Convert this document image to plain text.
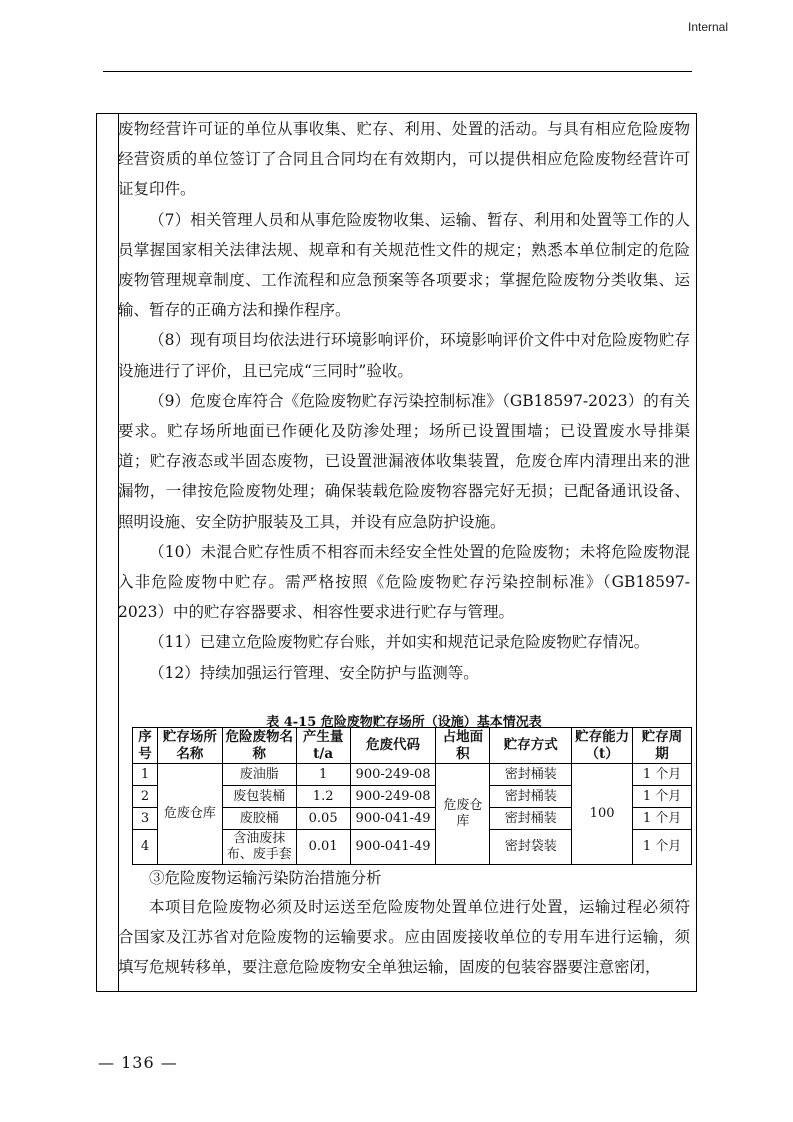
Internal

废物经营许可证的单位从事收集、贮存、利用、处置的活动。与具有相应危险废物经营资质的单位签订了合同且合同均在有效期内，可以提供相应危险废物经营许可证复印件。

（7）相关管理人员和从事危险废物收集、运输、暂存、利用和处置等工作的人员掌握国家相关法律法规、规章和有关规范性文件的规定；熟悉本单位制定的危险废物管理规章制度、工作流程和应急预案等各项要求；掌握危险废物分类收集、运输、暂存的正确方法和操作程序。

（8）现有项目均依法进行环境影响评价，环境影响评价文件中对危险废物贮存设施进行了评价，且已完成“三同时”验收。

（9）危废仓库符合《危险废物贮存污染控制标准》（GB18597-2023）的有关要求。贮存场所地面已作硬化及防渗处理；场所已设置围墙；已设置废水导排渠道；贮存液态或半固态废物，已设置泄漏液体收集装置，危废仓库内清理出来的泄漏物，一律按危险废物处理；确保装载危险废物容器完好无损；已配备通讯设备、照明设施、安全防护服装及工具，并设有应急防护设施。

（10）未混合贮存性质不相容而未经安全性处置的危险废物；未将危险废物混入非危险废物中贮存。需严格按照《危险废物贮存污染控制标准》（GB18597-2023）中的贮存容器要求、相容性要求进行贮存与管理。

（11）已建立危险废物贮存台账，并如实和规范记录危险废物贮存情况。

（12）持续加强运行管理、安全防护与监测等。

表 4-15 危险废物贮存场所（设施）基本情况表
序号	贮存场所名称	危险废物名称	产生量t/a	危废代码	占地面积	贮存方式	贮存能力（t）	贮存周期
1	危废仓库	废油脂	1	900-249-08	危废仓库	密封桶装	100	1 个月
2		废包装桶	1.2	900-249-08		密封桶装		1 个月
3		废胶桶	0.05	900-041-49		密封桶装		1 个月
4		含油废抹布、废手套	0.01	900-041-49		密封袋装		1 个月

③危险废物运输污染防治措施分析

本项目危险废物必须及时运送至危险废物处置单位进行处置，运输过程必须符合国家及江苏省对危险废物的运输要求。应由固废接收单位的专用车进行运输，须填写危规转移单，要注意危险废物安全单独运输，固废的包装容器要注意密闭，

— 136 —
